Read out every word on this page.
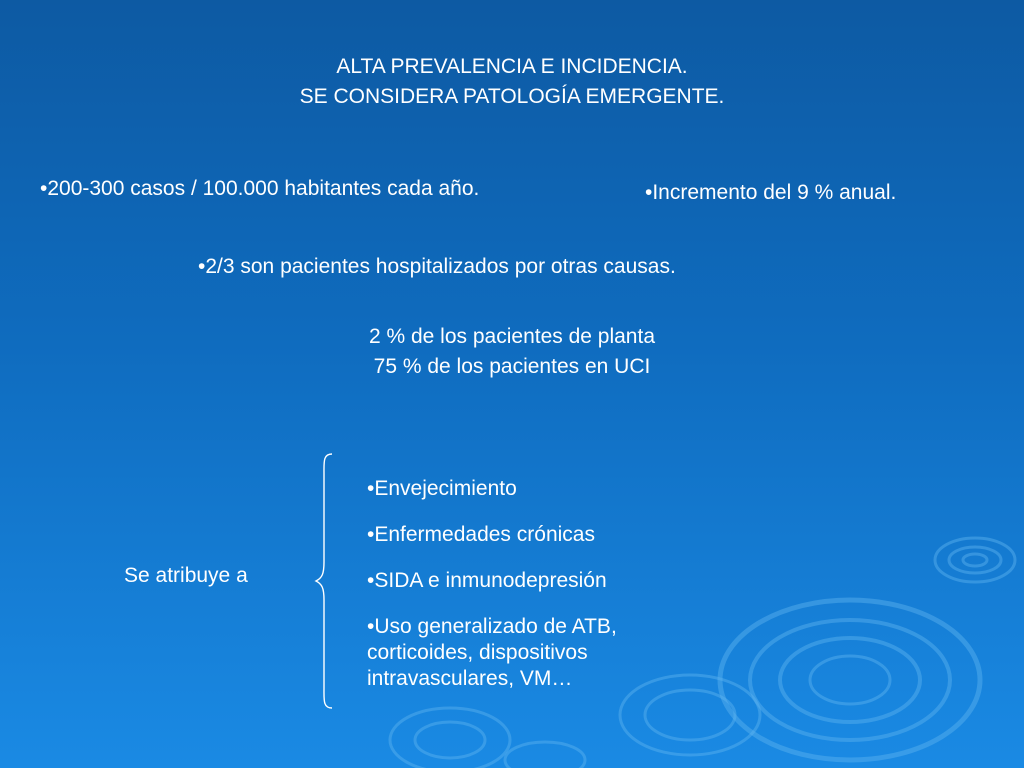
ALTA PREVALENCIA E INCIDENCIA.
SE CONSIDERA PATOLOGÍA EMERGENTE.

•200-300 casos / 100.000 habitantes cada año.	•Incremento del 9 % anual.

•2/3 son pacientes hospitalizados por otras causas.

2 % de los pacientes de planta
75 % de los pacientes en UCI

Se atribuye a

•Envejecimiento
•Enfermedades crónicas
•SIDA e inmunodepresión
•Uso generalizado de ATB, corticoides, dispositivos intravasculares, VM…
